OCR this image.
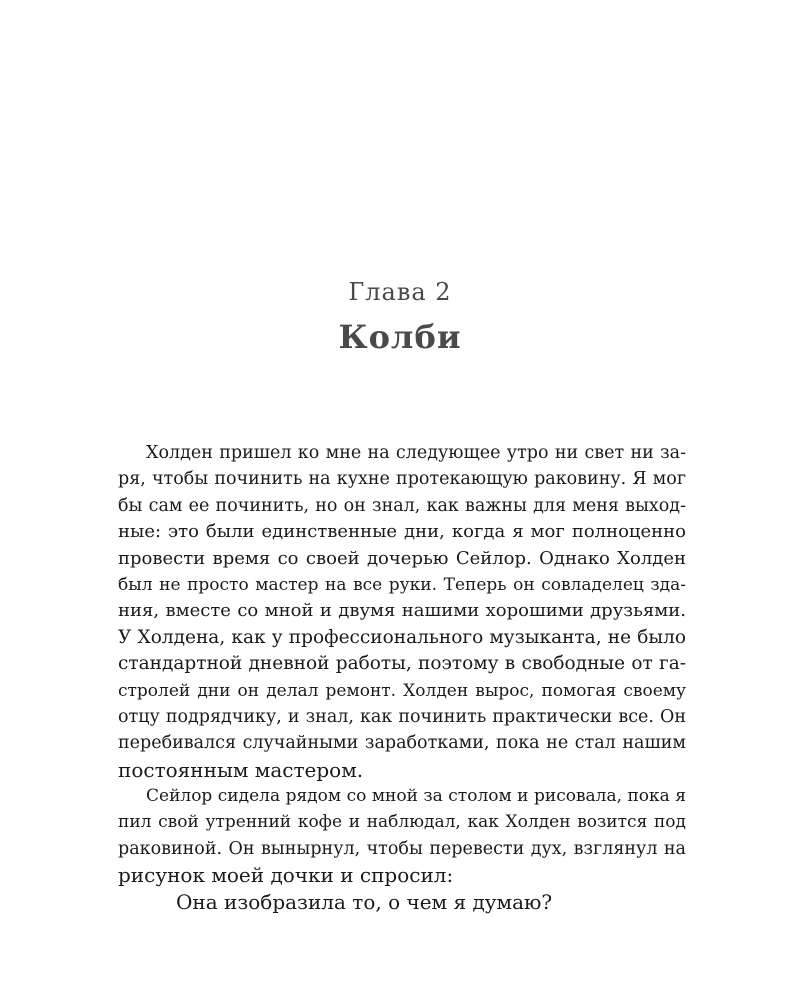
Глава 2
Колби
Холден пришел ко мне на следующее утро ни свет ни за-
ря, чтобы починить на кухне протекающую раковину. Я мог
бы сам ее починить, но он знал, как важны для меня выход-
ные: это были единственные дни, когда я мог полноценно
провести время со своей дочерью Сейлор. Однако Холден
был не просто мастер на все руки. Теперь он совладелец зда-
ния, вместе со мной и двумя нашими хорошими друзьями.
У Холдена, как у профессионального музыканта, не было
стандартной дневной работы, поэтому в свободные от га-
стролей дни он делал ремонт. Холден вырос, помогая своему
отцу подрядчику, и знал, как починить практически все. Он
перебивался случайными заработками, пока не стал нашим
постоянным мастером.
Сейлор сидела рядом со мной за столом и рисовала, пока я
пил свой утренний кофе и наблюдал, как Холден возится под
раковиной. Он вынырнул, чтобы перевести дух, взглянул на
рисунок моей дочки и спросил:
Она изобразила то, о чем я думаю?
